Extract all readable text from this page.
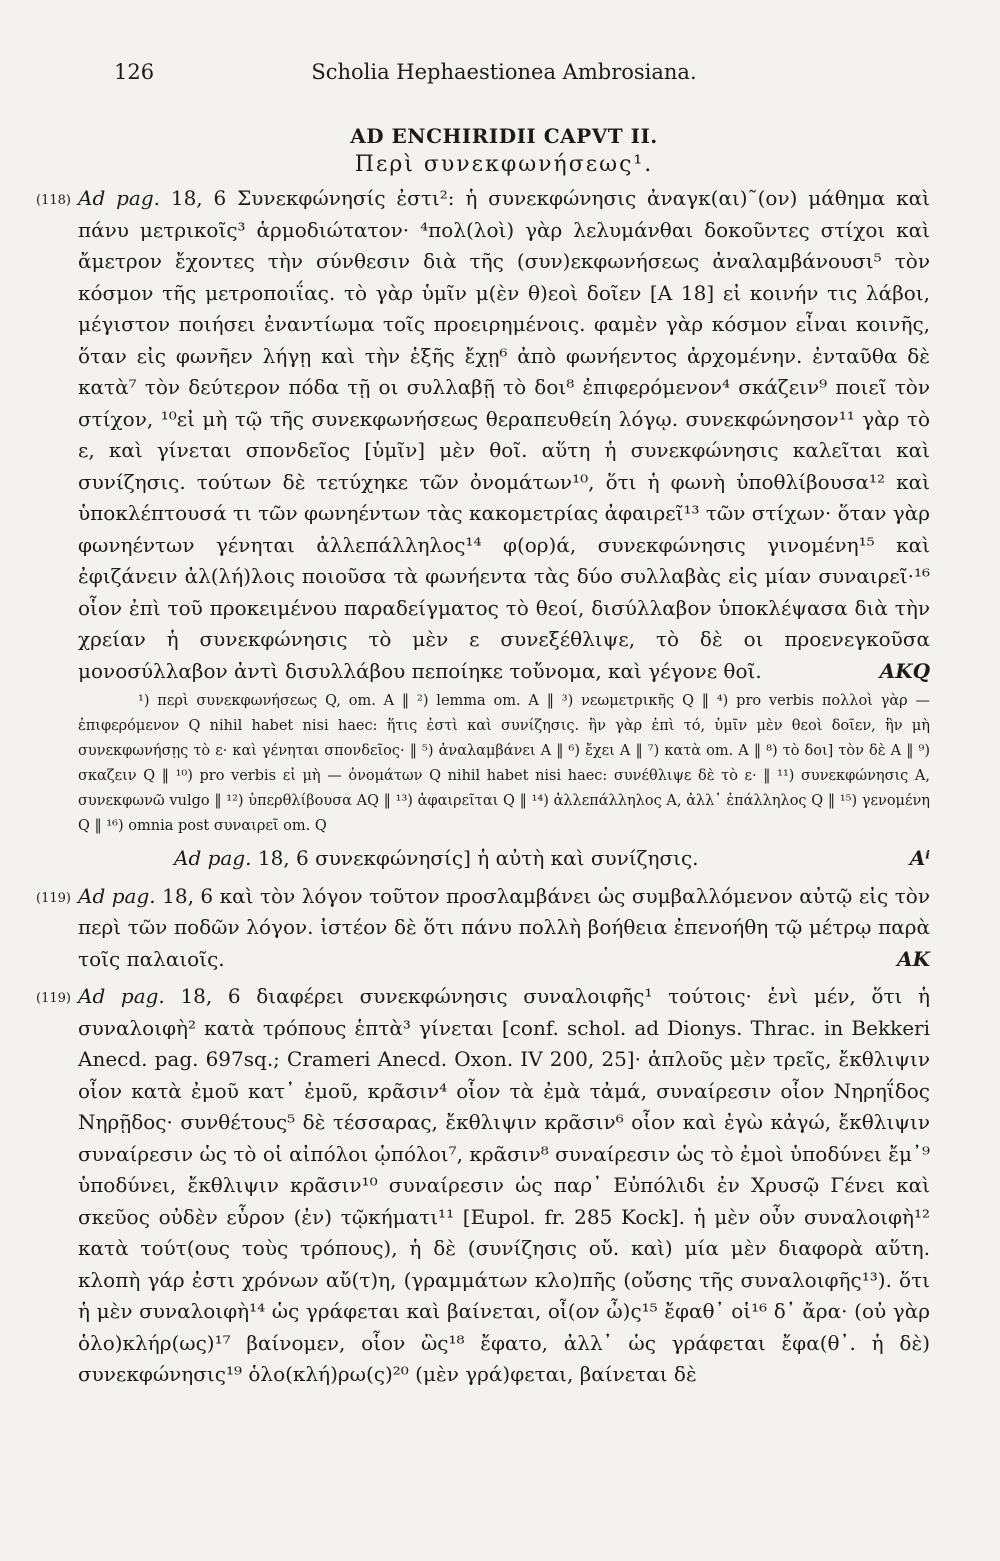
126	Scholia Hephaestionea Ambrosiana.
AD ENCHIRIDII CAPVT II.
Περὶ συνεκφωνήσεως¹.
(118) Ad pag. 18, 6 Συνεκφώνησίς ἐστι²: ἡ συνεκφώνησις ἀναγκ(αι)˜(ον) μάθημα καὶ πάνυ μετρικοῖς³ ἁρμοδιώτατον· ⁴πολ(λοὶ) γὰρ λελυμάνθαι δοκοῦντες στίχοι καὶ ἄμετρον ἔχοντες τὴν σύνθεσιν διὰ τῆς (συν)εκφωνήσεως ἀναλαμβάνουσι⁵ τὸν κόσμον τῆς μετροποιΐας. τὸ γὰρ ὑμῖν μ(ὲν θ)εοὶ δοῖεν [A 18] εἰ κοινήν τις λάβοι, μέγιστον ποιήσει ἐναντίωμα τοῖς προειρημένοις. φαμὲν γὰρ κόσμον εἶναι κοινῆς, ὅταν εἰς φωνῆεν λήγῃ καὶ τὴν ἑξῆς ἔχῃ⁶ ἀπὸ φωνήεντος ἀρχομένην. ἐνταῦθα δὲ κατὰ⁷ τὸν δεύτερον πόδα τῇ οι συλλαβῇ τὸ δοι⁸ ἐπιφερόμενον⁴ σκάζειν⁹ ποιεῖ τὸν στίχον, ¹⁰εἰ μὴ τῷ τῆς συνεκφωνήσεως θεραπευθείη λόγῳ. συνεκφώνησον¹¹ γὰρ τὸ ε, καὶ γίνεται σπονδεῖος [ὑμῖν] μὲν θοῖ. αὕτη ἡ συνεκφώνησις καλεῖται καὶ συνίζησις. τούτων δὲ τετύχηκε τῶν ὀνομάτων¹⁰, ὅτι ἡ φωνὴ ὑποθλίβουσα¹² καὶ ὑποκλέπτουσά τι τῶν φωνηέντων τὰς κακομετρίας ἀφαιρεῖ¹³ τῶν στίχων· ὅταν γὰρ φωνηέντων γένηται ἀλλεπάλληλος¹⁴ φ(ορ)ά, συνεκφώνησις γινομένη¹⁵ καὶ ἐφιζάνειν ἀλ(λή)λοις ποιοῦσα τὰ φωνήεντα τὰς δύο συλλαβὰς εἰς μίαν συναιρεῖ·¹⁶ οἷον ἐπὶ τοῦ προκειμένου παραδείγματος τὸ θεοί, δισύλλαβον ὑποκλέψασα διὰ τὴν χρείαν ἡ συνεκφώνησις τὸ μὲν ε συνεξέθλιψε, τὸ δὲ οι προενεγκοῦσα μονοσύλλαβον ἀντὶ δισυλλάβου πεποίηκε τοὔνομα, καὶ γέγονε θοῖ.	AKQ
¹) περὶ συνεκφωνήσεως Q, om. A ‖ ²) lemma om. A ‖ ³) νεωμετρικῆς Q ‖ ⁴) pro verbis πολλοὶ γὰρ — ἐπιφερόμενον Q nihil habet nisi haec: ἥτις ἐστὶ καὶ συνίζησις. ἣν γὰρ ἐπὶ τό, ὑμῖν μὲν θεοὶ δοῖεν, ἣν μὴ συνεκφωνήσῃς τὸ ε· καὶ γένηται σπονδεῖος· ‖ ⁵) ἀναλαμβάνει A ‖ ⁶) ἔχει A ‖ ⁷) κατὰ om. A ‖ ⁸) τὸ δοι] τὸν δὲ A ‖ ⁹) σκαζειν Q ‖ ¹⁰) pro verbis εἰ μὴ — ὀνομάτων Q nihil habet nisi haec: συνέθλιψε δὲ τὸ ε· ‖ ¹¹) συνεκφώνησις A, συνεκφωνῶ vulgo ‖ ¹²) ὑπερθλίβουσα AQ ‖ ¹³) ἀφαιρεῖται Q ‖ ¹⁴) ἀλλεπάλληλος A, ἀλλ᾽ ἐπάλληλος Q ‖ ¹⁵) γενομένη Q ‖ ¹⁶) omnia post συναιρεῖ om. Q
Aⁱ
Ad pag. 18, 6 συνεκφώνησίς] ἡ αὐτὴ καὶ συνίζησις.
(119) Ad pag. 18, 6 καὶ τὸν λόγον τοῦτον προσλαμβάνει ὡς συμβαλλόμενον αὐτῷ εἰς τὸν περὶ τῶν ποδῶν λόγον. ἰστέον δὲ ὅτι πάνυ πολλὴ βοήθεια ἐπενοήθη τῷ μέτρῳ παρὰ τοῖς παλαιοῖς.	AK
(119) Ad pag. 18, 6 διαφέρει συνεκφώνησις συναλοιφῆς¹ τούτοις· ἑνὶ μέν, ὅτι ἡ συναλοιφὴ² κατὰ τρόπους ἑπτὰ³ γίνεται [conf. schol. ad Dionys. Thrac. in Bekkeri Anecd. pag. 697sq.; Crameri Anecd. Oxon. IV 200, 25]· ἁπλοῦς μὲν τρεῖς, ἔκθλιψιν οἷον κατὰ ἐμοῦ κατ᾽ ἐμοῦ, κρᾶσιν⁴ οἷον τὰ ἐμὰ τἀμά, συναίρεσιν οἷον Νηρηΐδος Νηρῇδος· συνθέτους⁵ δὲ τέσσαρας, ἔκθλιψιν κρᾶσιν⁶ οἷον καὶ ἐγὼ κἀγώ, ἔκθλιψιν συναίρεσιν ὡς τὸ οἱ αἰπόλοι ᾡπόλοι⁷, κρᾶσιν⁸ συναίρεσιν ὡς τὸ ἐμοὶ ὑποδύνει ἔμ᾽⁹ ὑποδύνει, ἔκθλιψιν κρᾶσιν¹⁰ συναίρεσιν ὡς παρ᾽ Εὐπόλιδι ἐν Χρυσῷ Γένει καὶ σκεῦος οὐδὲν εὗρον (ἐν) τῷκήματι¹¹ [Eupol. fr. 285 Kock]. ἡ μὲν οὖν συναλοιφὴ¹² κατὰ τούτ(ους τοὺς τρόπους), ἡ δὲ (συνίζησις οὔ. καὶ) μία μὲν διαφορὰ αὕτη. κλοπὴ γάρ ἐστι χρόνων αὔ(τ)η, (γραμμάτων κλο)πῆς (οὔσης τῆς συναλοιφῆς¹³). ὅτι ἡ μὲν συναλοιφὴ¹⁴ ὡς γράφεται καὶ βαίνεται, οἷ(ον ὦ)ς¹⁵ ἔφαθ᾽ οἱ¹⁶ δ᾽ ἄρα· (οὐ γὰρ ὁλο)κλήρ(ως)¹⁷ βαίνομεν, οἷον ὣς¹⁸ ἔφατο, ἀλλ᾽ ὡς γράφεται ἔφα(θ᾽. ἡ δὲ) συνεκφώνησις¹⁹ ὁλο(κλή)ρω(ς)²⁰ (μὲν γρά)φεται, βαίνεται δὲ
